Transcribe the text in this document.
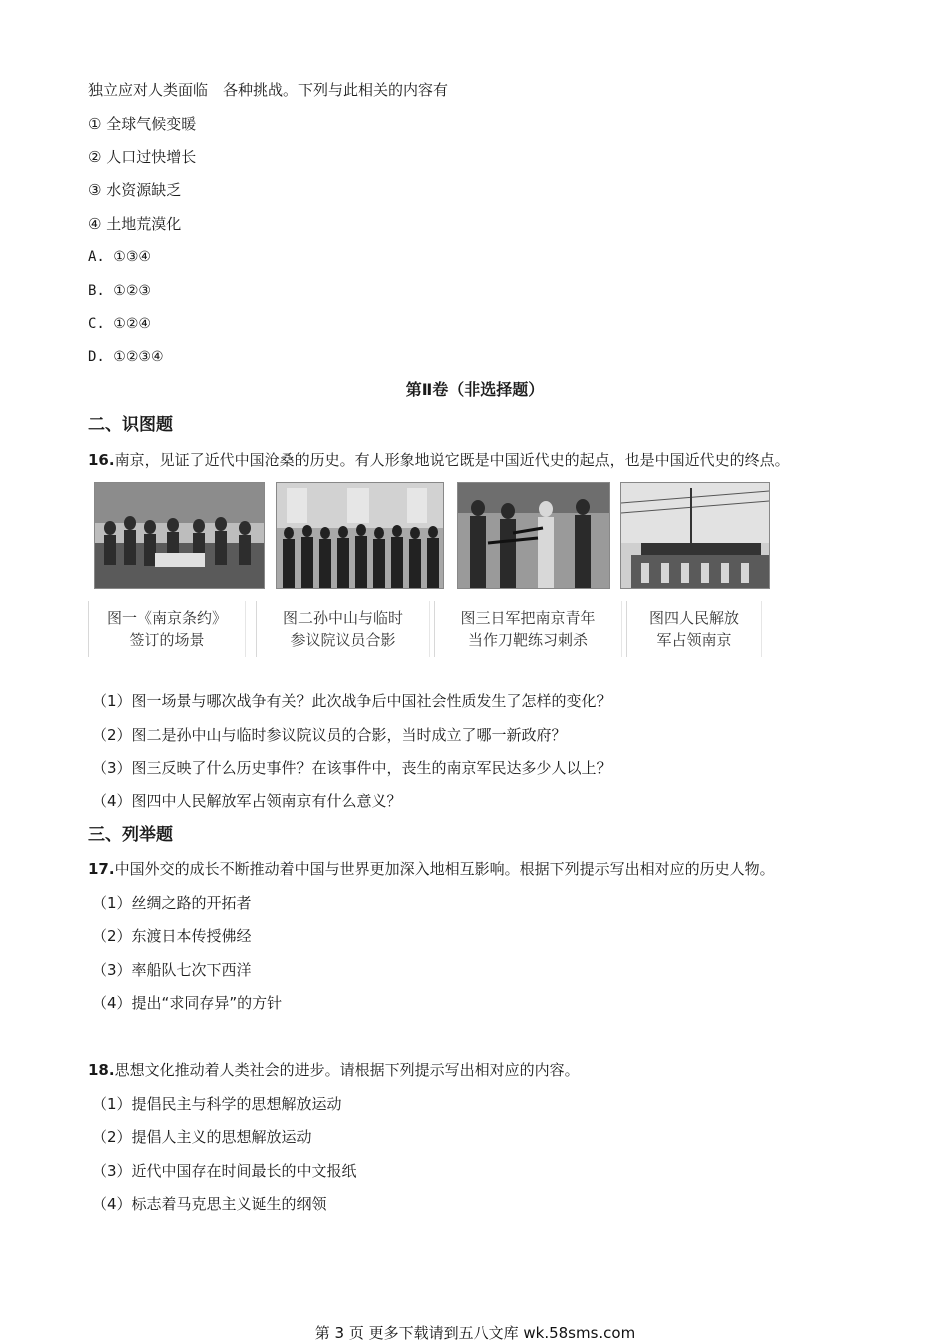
独立应对人类面临　各种挑战。下列与此相关的内容有
① 全球气候变暖
② 人口过快增长
③ 水资源缺乏
④ 土地荒漠化
A. ①③④
B. ①②③
C. ①②④
D. ①②③④
第Ⅱ卷（非选择题）
二、识图题
16.南京，见证了近代中国沧桑的历史。有人形象地说它既是中国近代史的起点，也是中国近代史的终点。
图一《南京条约》
签订的场景
图二孙中山与临时
参议院议员合影
图三日军把南京青年
当作刀靶练习刺杀
图四人民解放
军占领南京
（1）图一场景与哪次战争有关？此次战争后中国社会性质发生了怎样的变化？
（2）图二是孙中山与临时参议院议员的合影，当时成立了哪一新政府？
（3）图三反映了什么历史事件？在该事件中，丧生的南京军民达多少人以上？
（4）图四中人民解放军占领南京有什么意义？
三、列举题
17.中国外交的成长不断推动着中国与世界更加深入地相互影响。根据下列提示写出相对应的历史人物。
（1）丝绸之路的开拓者
（2）东渡日本传授佛经
（3）率船队七次下西洋
（4）提出“求同存异”的方针
18.思想文化推动着人类社会的进步。请根据下列提示写出相对应的内容。
（1）提倡民主与科学的思想解放运动
（2）提倡人主义的思想解放运动
（3）近代中国存在时间最长的中文报纸
（4）标志着马克思主义诞生的纲领
第 3 页 更多下载请到五八文库 wk.58sms.com
